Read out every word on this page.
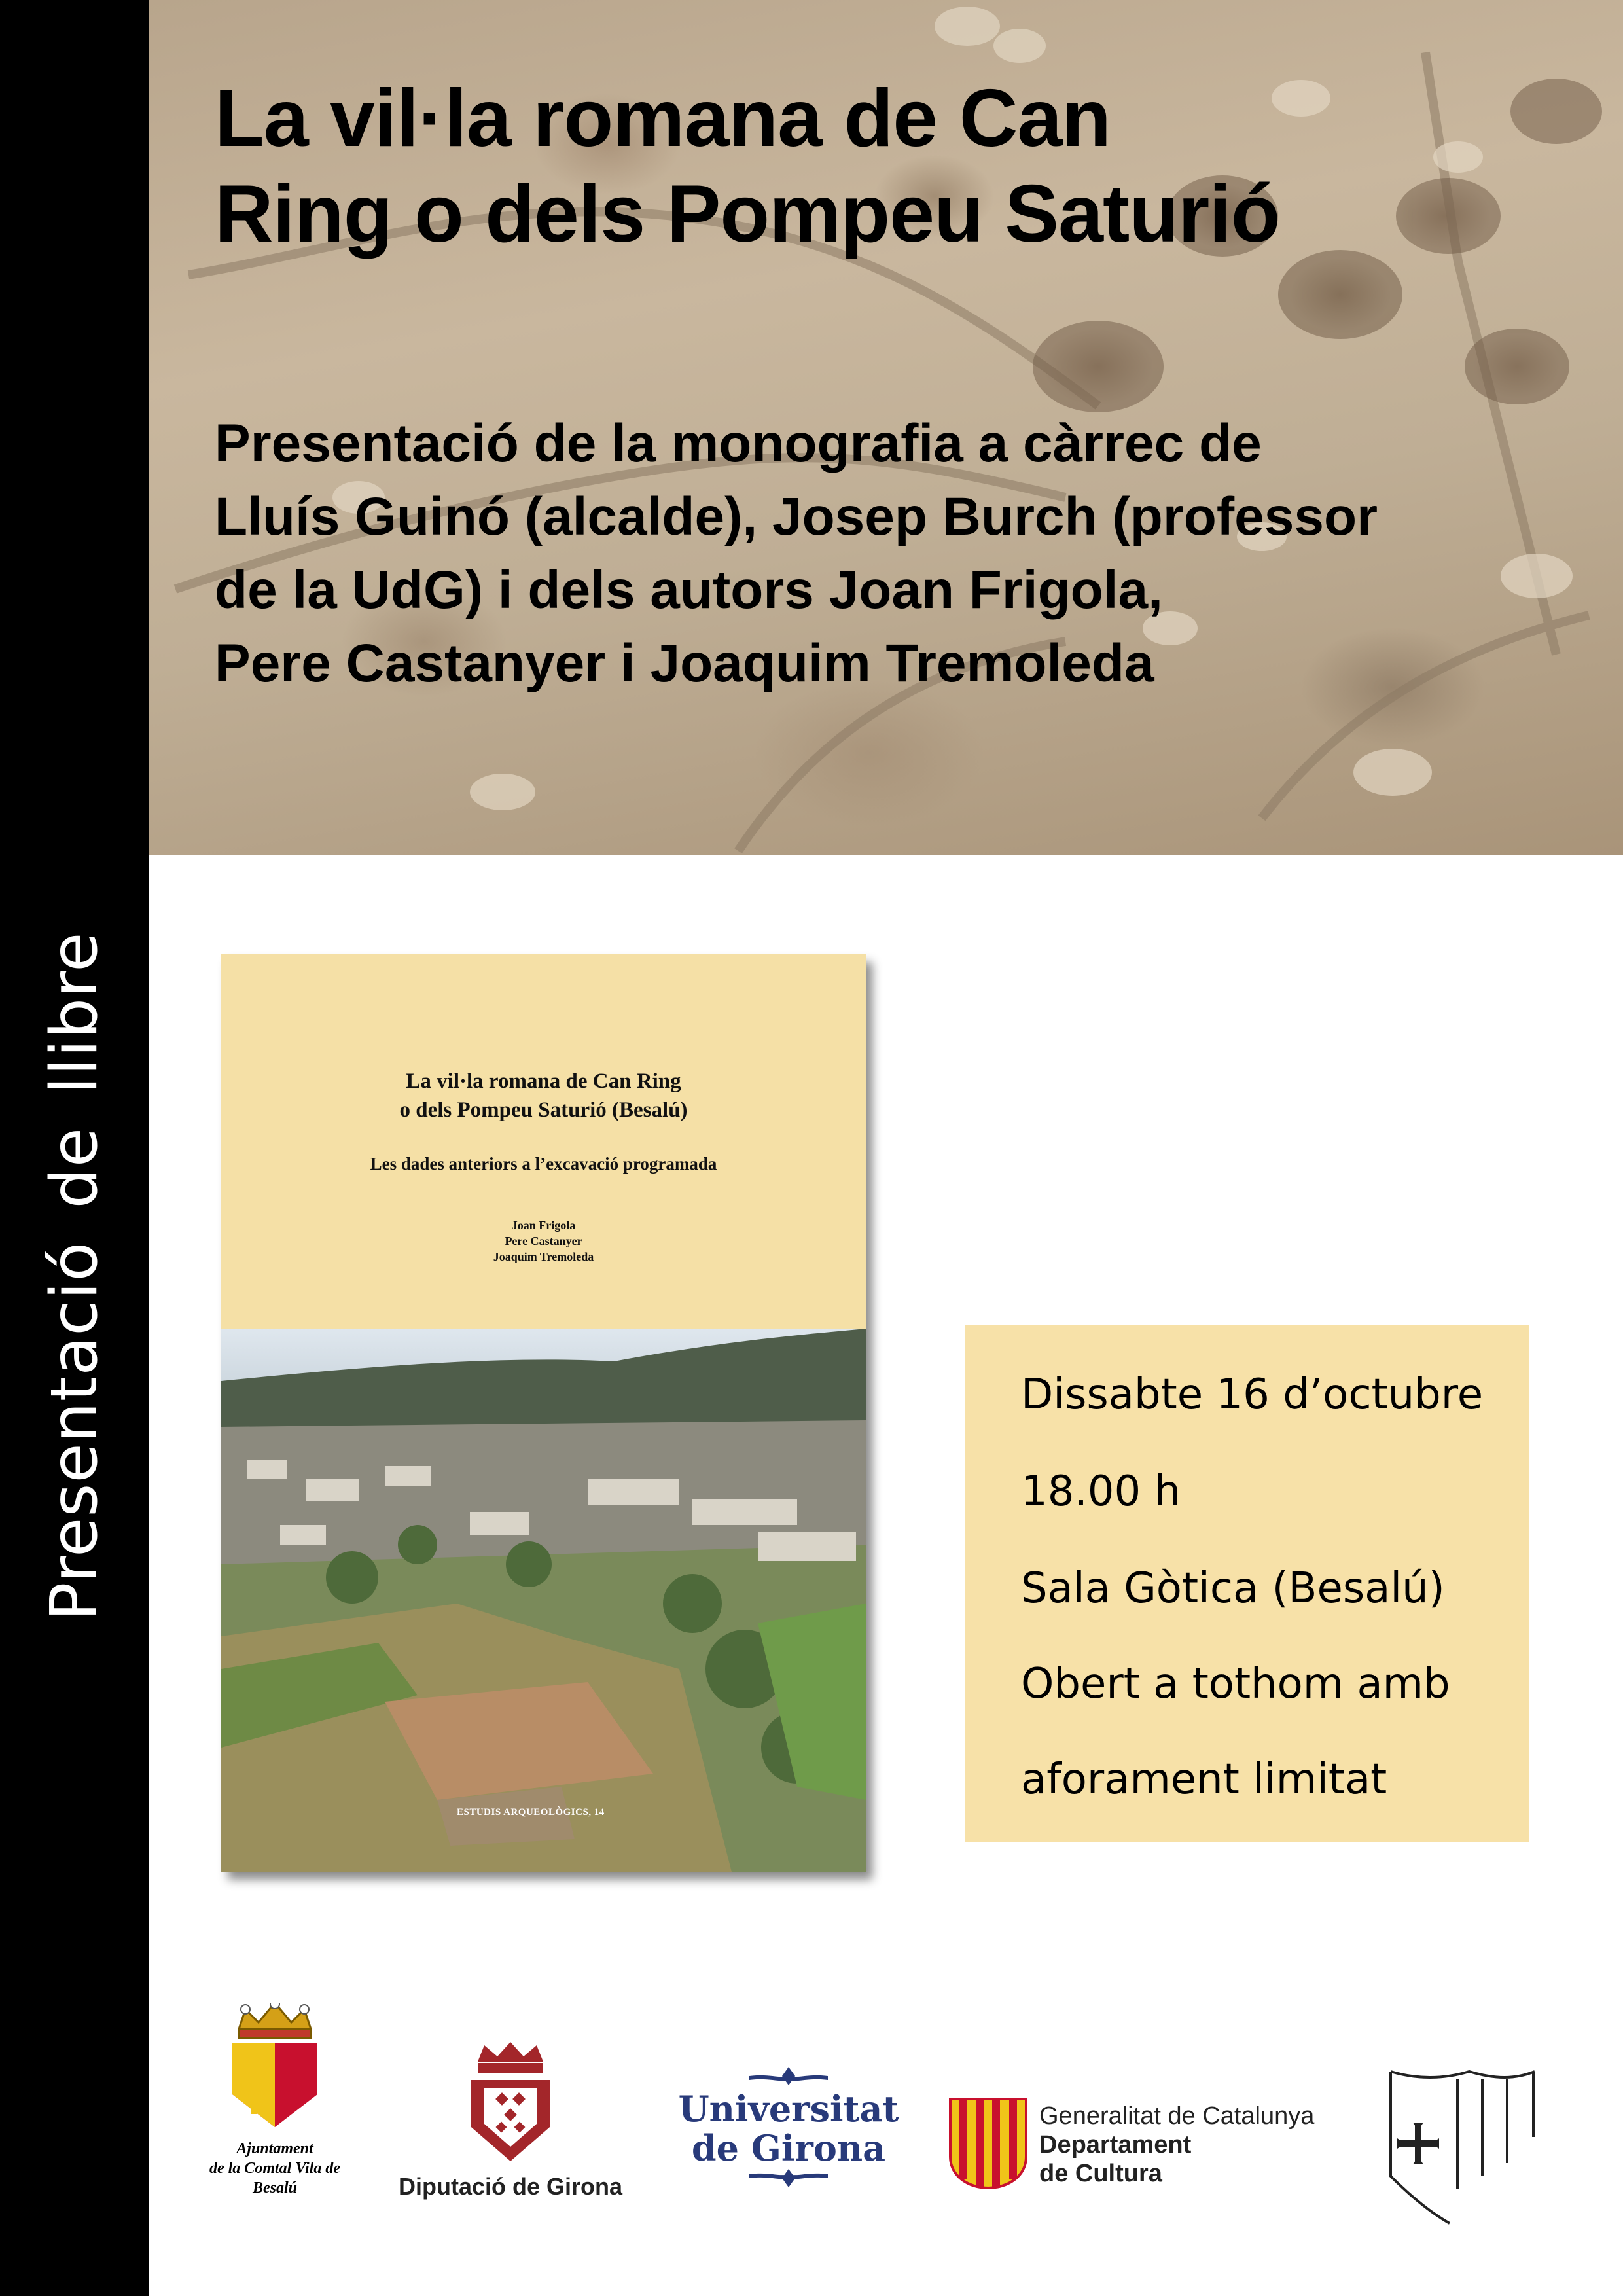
Presentació de llibre
La vil·la romana de Can
Ring o dels Pompeu Saturió

Presentació de la monografia a càrrec de
Lluís Guinó (alcalde), Josep Burch (professor
de la UdG) i dels autors Joan Frigola,
Pere Castanyer i Joaquim Tremoleda

La vil·la romana de Can Ring
o dels Pompeu Saturió (Besalú)

Les dades anteriors a l’excavació programada

Joan Frigola
Pere Castanyer
Joaquim Tremoleda

ESTUDIS ARQUEOLÒGICS, 14

Dissabte 16 d’octubre

18.00 h

Sala Gòtica (Besalú)

Obert a tothom amb

aforament limitat

Ajuntament
de la Comtal Vila de
Besalú	Diputació de Girona

Universitat
de Girona

Generalitat de Catalunya
Departament
de Cultura
